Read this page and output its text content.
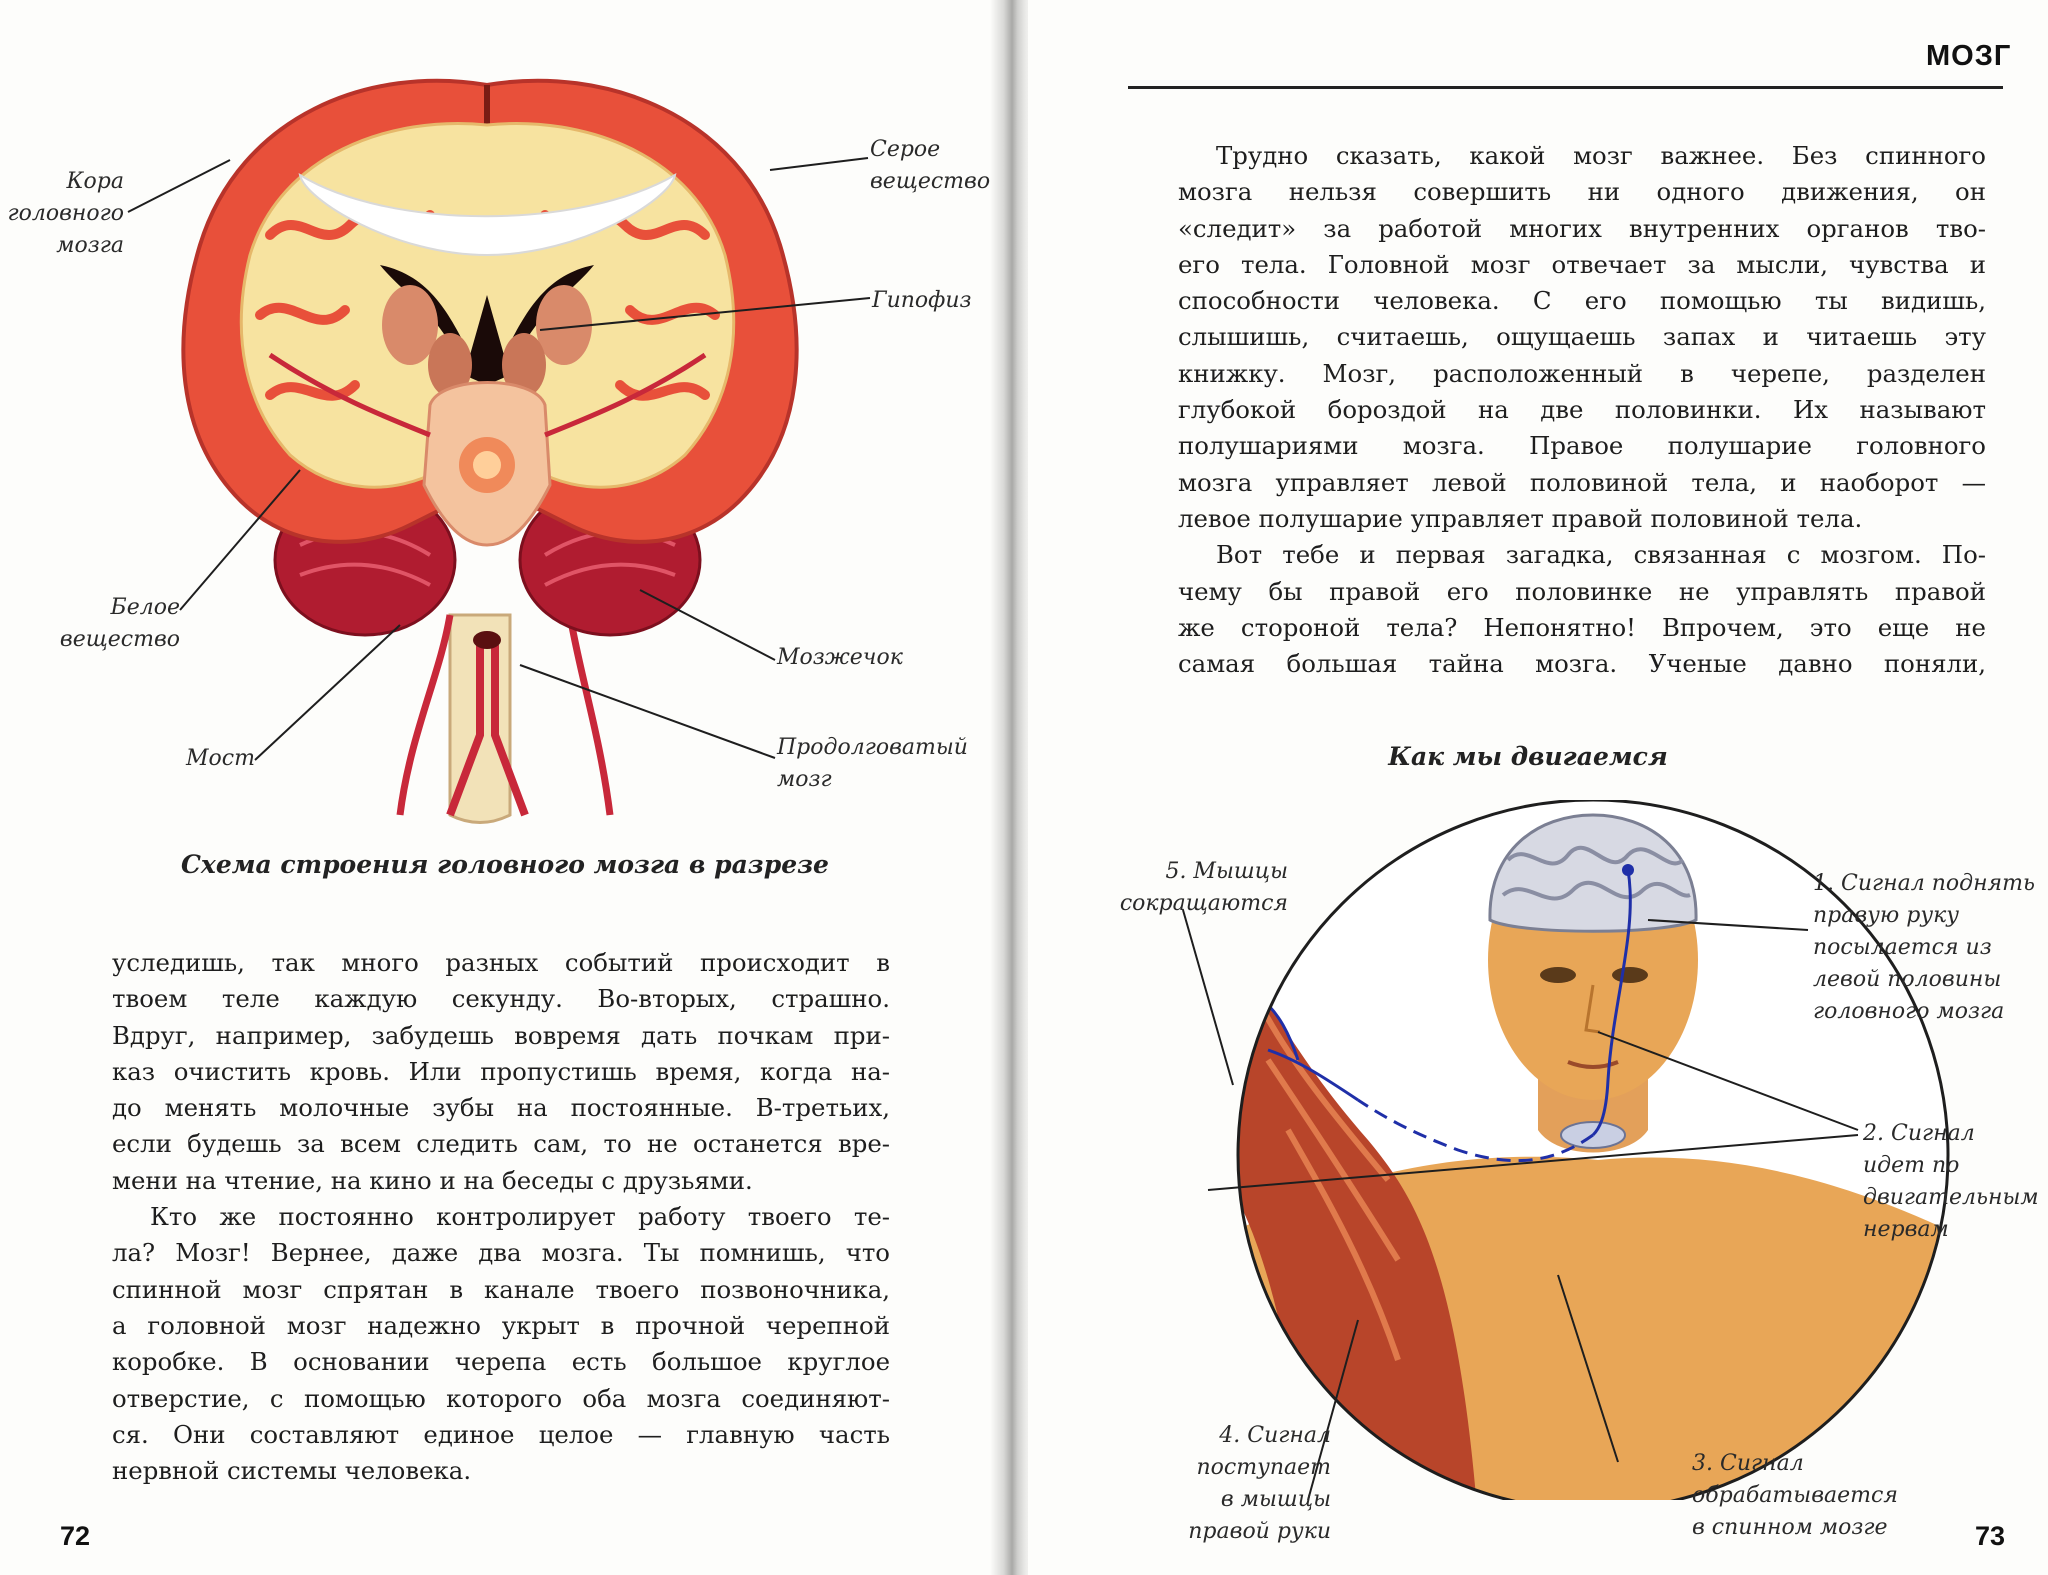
Кора
головного
мозга
Серое
вещество
Гипофиз
Белое
вещество
Мозжечок
Мост	Продолговатый
мозг
Схема строения головного мозга в разрезе
уследишь, так много разных событий происходит в
твоем теле каждую секунду. Во-вторых, страшно.
Вдруг, например, забудешь вовремя дать почкам при-
каз очистить кровь. Или пропустишь время, когда на-
до менять молочные зубы на постоянные. В-третьих,
если будешь за всем следить сам, то не останется вре-
мени на чтение, на кино и на беседы с друзьями.
Кто же постоянно контролирует работу твоего те-
ла? Мозг! Вернее, даже два мозга. Ты помнишь, что
спинной мозг спрятан в канале твоего позвоночника,
а головной мозг надежно укрыт в прочной черепной
коробке. В основании черепа есть большое круглое
отверстие, с помощью которого оба мозга соединяют-
ся. Они составляют единое целое — главную часть
нервной системы человека.
72
МОЗГ
Трудно сказать, какой мозг важнее. Без спинного
мозга нельзя совершить ни одного движения, он
«следит» за работой многих внутренних органов тво-
его тела. Головной мозг отвечает за мысли, чувства и
способности человека. С его помощью ты видишь,
слышишь, считаешь, ощущаешь запах и читаешь эту
книжку. Мозг, расположенный в черепе, разделен
глубокой бороздой на две половинки. Их называют
полушариями мозга. Правое полушарие головного
мозга управляет левой половиной тела, и наоборот —
левое полушарие управляет правой половиной тела.
Вот тебе и первая загадка, связанная с мозгом. По-
чему бы правой его половинке не управлять правой
же стороной тела? Непонятно! Впрочем, это еще не
самая большая тайна мозга. Ученые давно поняли,
Как мы двигаемся
5. Мышцы
сокращаются
1. Сигнал поднять
правую руку
посылается из
левой половины
головного мозга
2. Сигнал
идет по
двигательным
нервам
3. Сигнал
обрабатывается
в спинном мозге
4. Сигнал
поступает
в мышцы
правой руки	73
